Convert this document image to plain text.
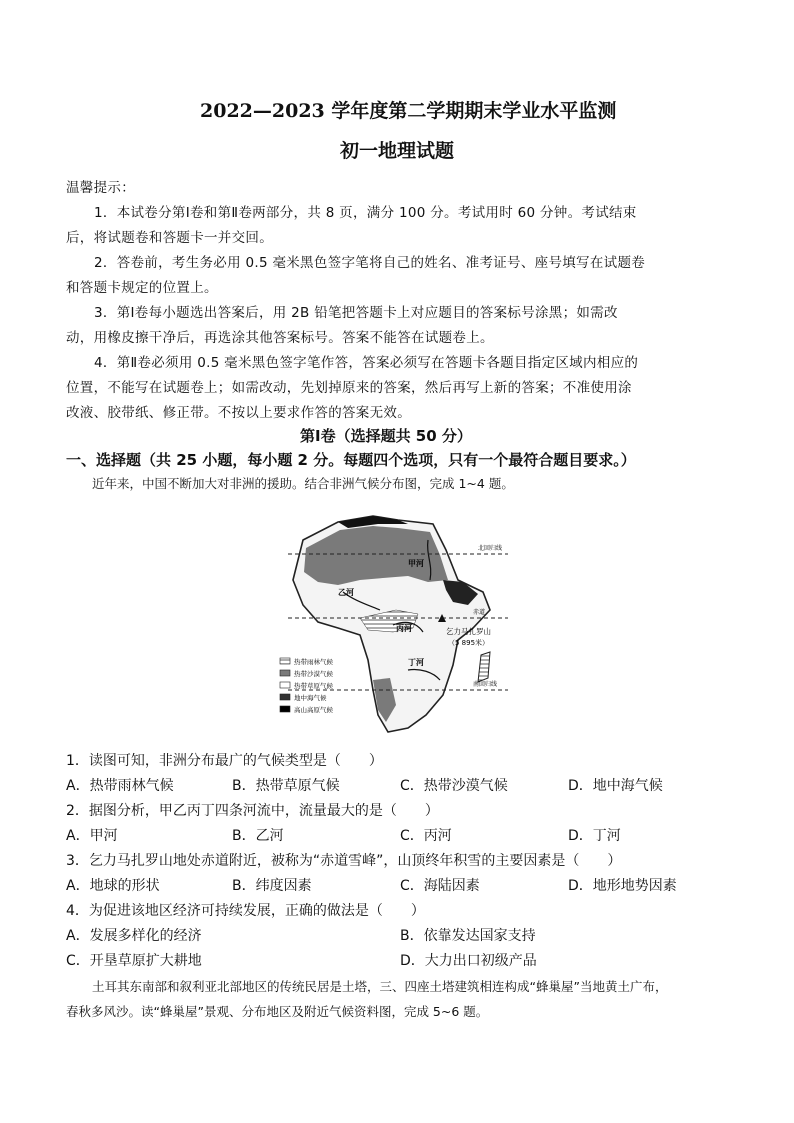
2022—2023 学年度第二学期期末学业水平监测
初一地理试题
温馨提示：
1．本试卷分第Ⅰ卷和第Ⅱ卷两部分，共 8 页，满分 100 分。考试用时 60 分钟。考试结束
后，将试题卷和答题卡一并交回。
2．答卷前，考生务必用 0.5 毫米黑色签字笔将自己的姓名、准考证号、座号填写在试题卷
和答题卡规定的位置上。
3．第Ⅰ卷每小题选出答案后，用 2B 铅笔把答题卡上对应题目的答案标号涂黑；如需改
动，用橡皮擦干净后，再选涂其他答案标号。答案不能答在试题卷上。
4．第Ⅱ卷必须用 0.5 毫米黑色签字笔作答，答案必须写在答题卡各题目指定区域内相应的
位置，不能写在试题卷上；如需改动，先划掉原来的答案，然后再写上新的答案；不准使用涂
改液、胶带纸、修正带。不按以上要求作答的答案无效。
第Ⅰ卷（选择题共 50 分）
一、选择题（共 25 小题，每小题 2 分。每题四个选项，只有一个最符合题目要求。）
近年来，中国不断加大对非洲的援助。结合非洲气候分布图，完成 1~4 题。
北回归线
甲河
乙河
赤道
丙河	乞力马扎罗山
（5 895米）
丁河
南回归线
热带雨林气候
热带沙漠气候
热带草原气候
地中海气候
高山高原气候
1．读图可知，非洲分布最广的气候类型是（　　）
A．热带雨林气候	B．热带草原气候	C．热带沙漠气候	D．地中海气候
2．据图分析，甲乙丙丁四条河流中，流量最大的是（　　）
A．甲河	B．乙河	C．丙河	D．丁河
3．乞力马扎罗山地处赤道附近，被称为“赤道雪峰”，山顶终年积雪的主要因素是（　　）
A．地球的形状	B．纬度因素	C．海陆因素	D．地形地势因素
4．为促进该地区经济可持续发展，正确的做法是（　　）
A．发展多样化的经济	B．依靠发达国家支持
C．开垦草原扩大耕地	D．大力出口初级产品
土耳其东南部和叙利亚北部地区的传统民居是土塔，三、四座土塔建筑相连构成“蜂巢屋”当地黄土广布，
春秋多风沙。读“蜂巢屋”景观、分布地区及附近气候资料图，完成 5~6 题。
